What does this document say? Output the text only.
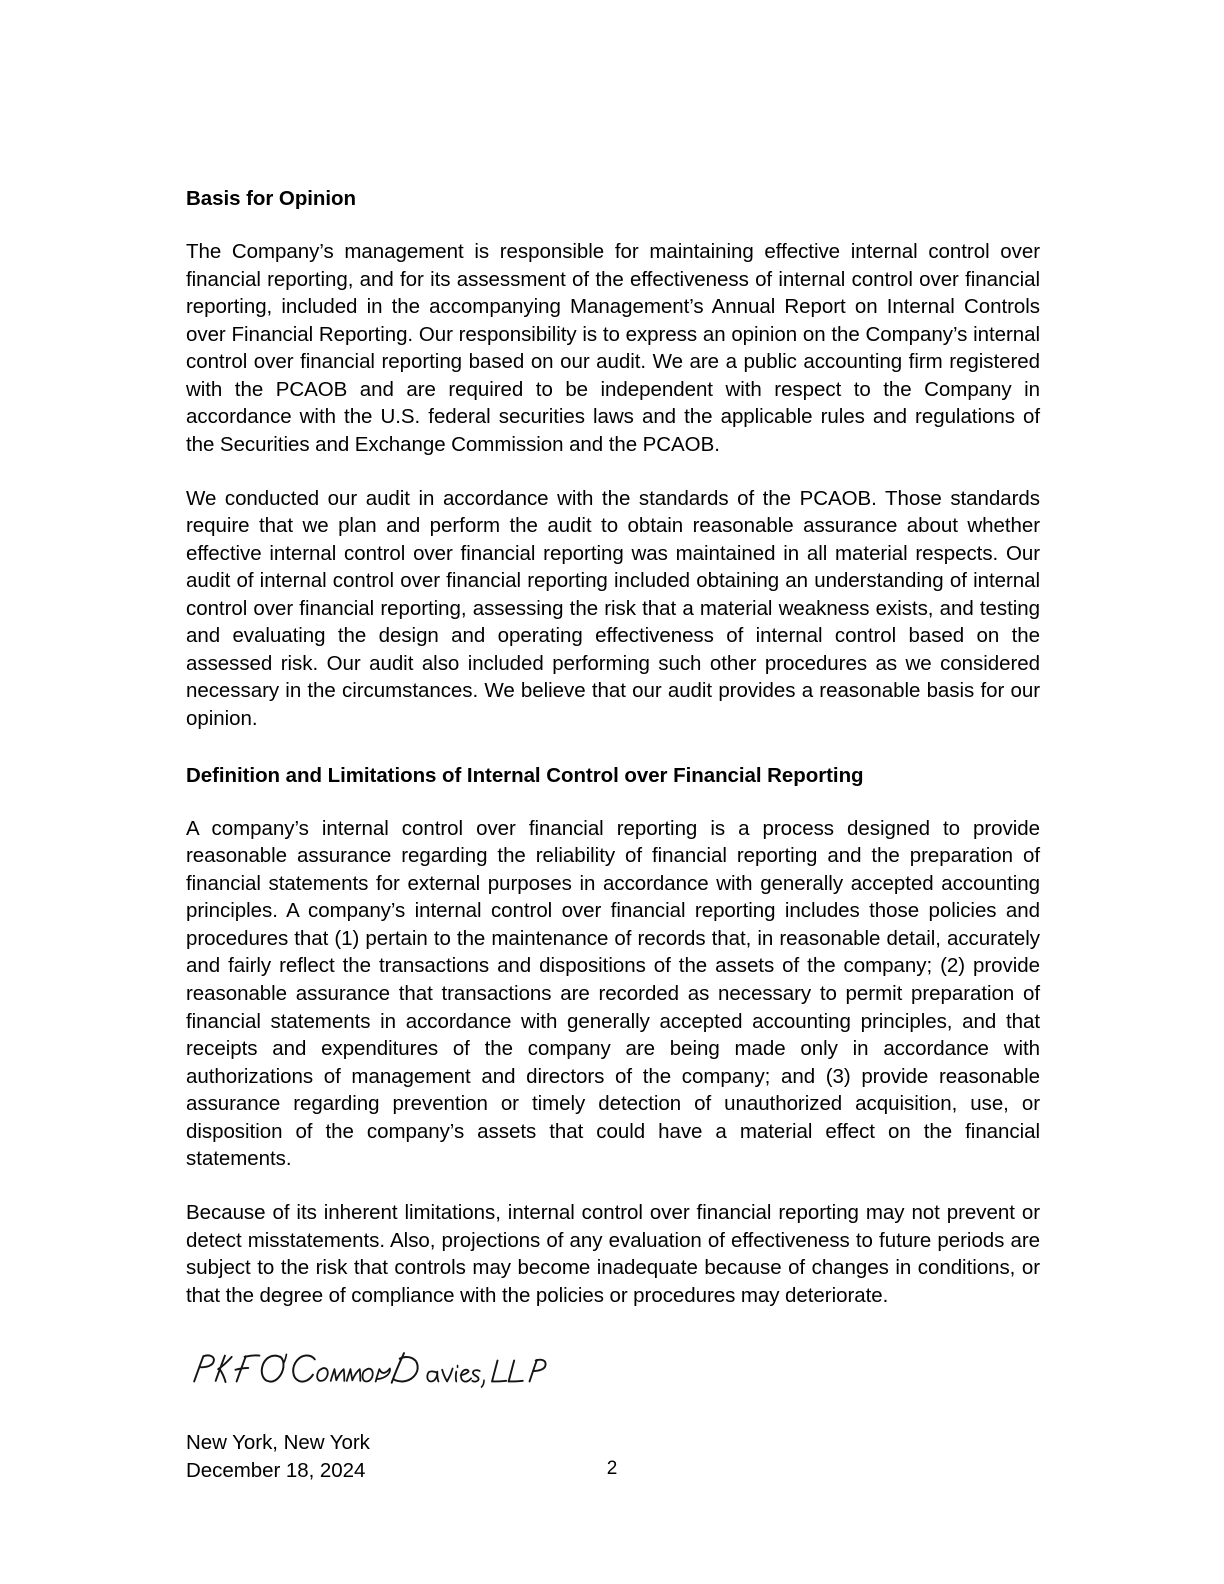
Basis for Opinion

The Company’s management is responsible for maintaining effective internal control over financial reporting, and for its assessment of the effectiveness of internal control over financial reporting, included in the accompanying Management’s Annual Report on Internal Controls over Financial Reporting. Our responsibility is to express an opinion on the Company’s internal control over financial reporting based on our audit. We are a public accounting firm registered with the PCAOB and are required to be independent with respect to the Company in accordance with the U.S. federal securities laws and the applicable rules and regulations of the Securities and Exchange Commission and the PCAOB.

We conducted our audit in accordance with the standards of the PCAOB. Those standards require that we plan and perform the audit to obtain reasonable assurance about whether effective internal control over financial reporting was maintained in all material respects. Our audit of internal control over financial reporting included obtaining an understanding of internal control over financial reporting, assessing the risk that a material weakness exists, and testing and evaluating the design and operating effectiveness of internal control based on the assessed risk. Our audit also included performing such other procedures as we considered necessary in the circumstances. We believe that our audit provides a reasonable basis for our opinion.

Definition and Limitations of Internal Control over Financial Reporting

A company’s internal control over financial reporting is a process designed to provide reasonable assurance regarding the reliability of financial reporting and the preparation of financial statements for external purposes in accordance with generally accepted accounting principles. A company’s internal control over financial reporting includes those policies and procedures that (1) pertain to the maintenance of records that, in reasonable detail, accurately and fairly reflect the transactions and dispositions of the assets of the company; (2) provide reasonable assurance that transactions are recorded as necessary to permit preparation of financial statements in accordance with generally accepted accounting principles, and that receipts and expenditures of the company are being made only in accordance with authorizations of management and directors of the company; and (3) provide reasonable assurance regarding prevention or timely detection of unauthorized acquisition, use, or disposition of the company’s assets that could have a material effect on the financial statements.

Because of its inherent limitations, internal control over financial reporting may not prevent or detect misstatements. Also, projections of any evaluation of effectiveness to future periods are subject to the risk that controls may become inadequate because of changes in conditions, or that the degree of compliance with the policies or procedures may deteriorate.

New York, New York
December 18, 2024	2
